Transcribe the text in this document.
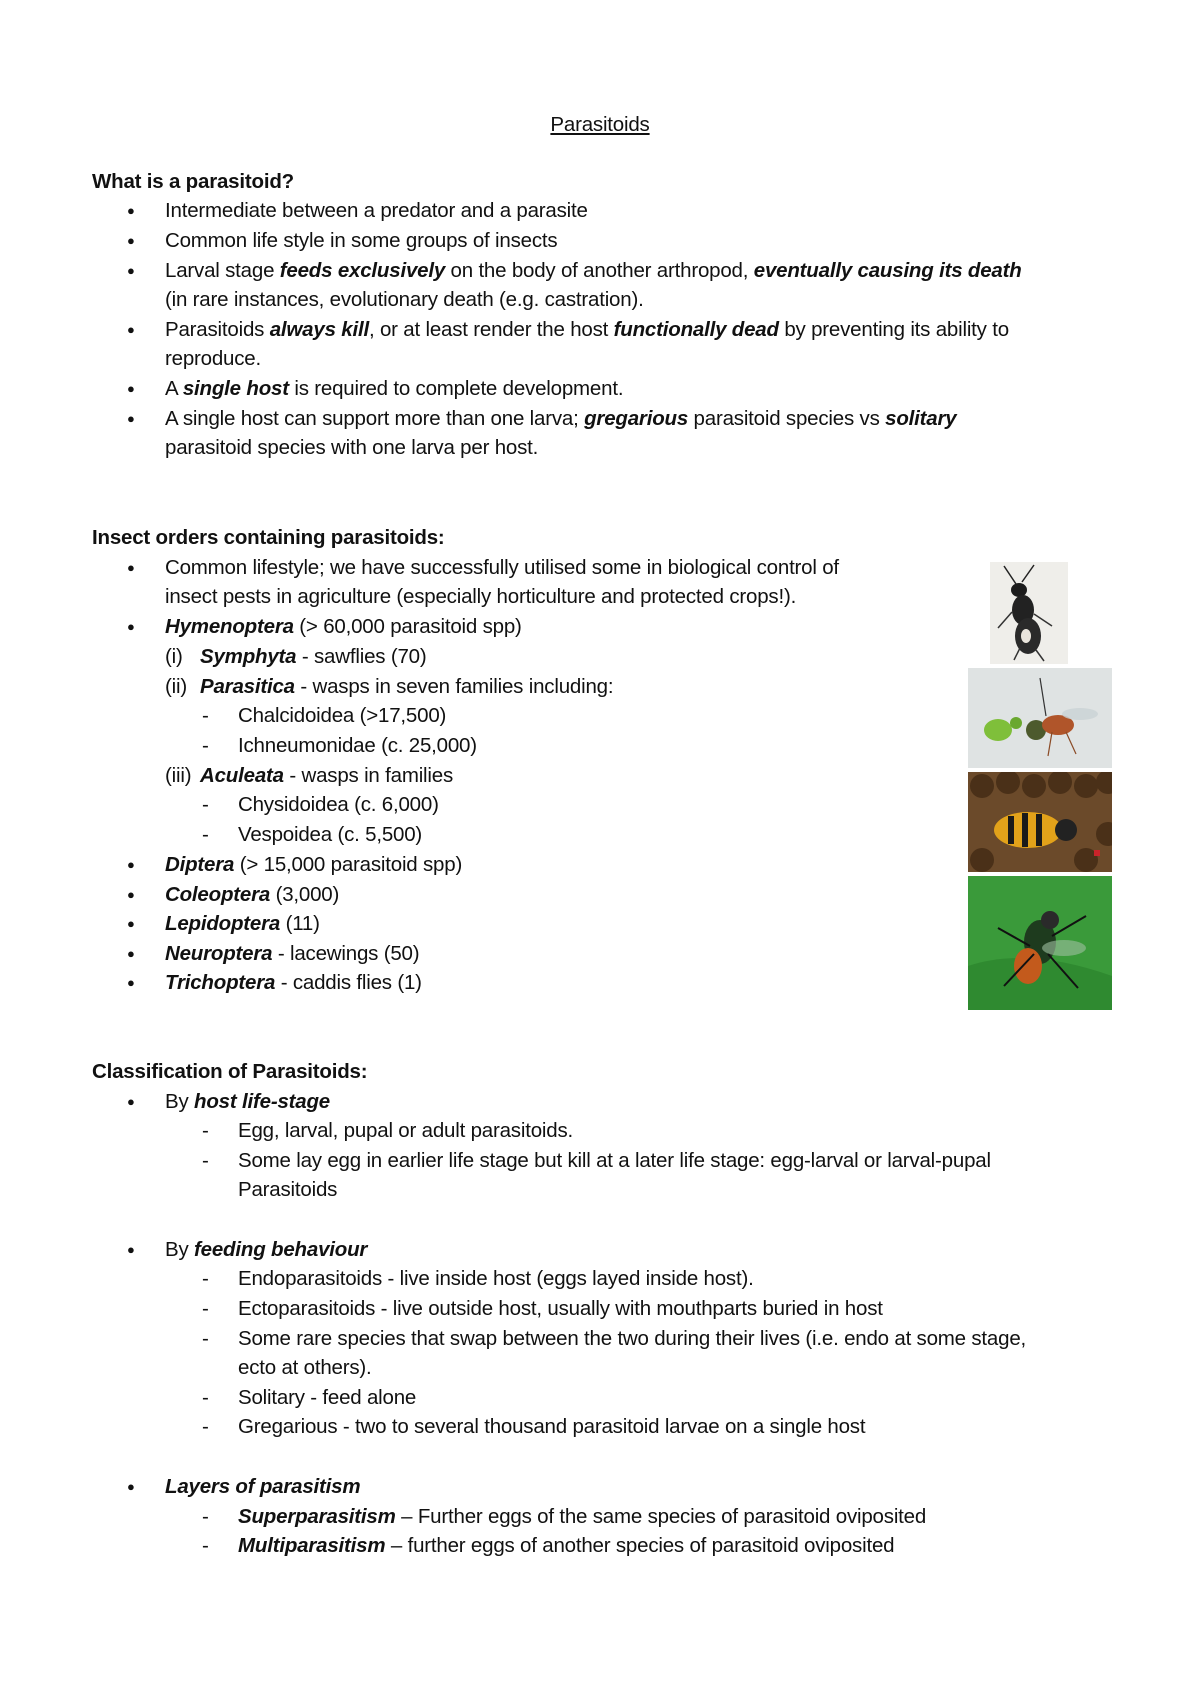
Parasitoids
What is a parasitoid?
● Intermediate between a predator and a parasite
● Common life style in some groups of insects
● Larval stage feeds exclusively on the body of another arthropod, eventually causing its death
(in rare instances, evolutionary death (e.g. castration).
● Parasitoids always kill, or at least render the host functionally dead by preventing its ability to
reproduce.
● A single host is required to complete development.
● A single host can support more than one larva; gregarious parasitoid species vs solitary
parasitoid species with one larva per host.
Insect orders containing parasitoids:
● Common lifestyle; we have successfully utilised some in biological control of
insect pests in agriculture (especially horticulture and protected crops!).
● Hymenoptera (> 60,000 parasitoid spp)
(i) Symphyta - sawflies (70)
(ii) Parasitica - wasps in seven families including:
- Chalcidoidea (>17,500)
- Ichneumonidae (c. 25,000)
(iii) Aculeata - wasps in families
- Chysidoidea (c. 6,000)
- Vespoidea (c. 5,500)
● Diptera (> 15,000 parasitoid spp)
● Coleoptera (3,000)
● Lepidoptera (11)
● Neuroptera - lacewings (50)
● Trichoptera - caddis flies (1)
Classification of Parasitoids:
● By host life-stage
- Egg, larval, pupal or adult parasitoids.
- Some lay egg in earlier life stage but kill at a later life stage: egg-larval or larval-pupal
Parasitoids
● By feeding behaviour
- Endoparasitoids - live inside host (eggs layed inside host).
- Ectoparasitoids - live outside host, usually with mouthparts buried in host
- Some rare species that swap between the two during their lives (i.e. endo at some stage,
ecto at others).
- Solitary - feed alone
- Gregarious - two to several thousand parasitoid larvae on a single host
● Layers of parasitism
- Superparasitism – Further eggs of the same species of parasitoid oviposited
- Multiparasitism – further eggs of another species of parasitoid oviposited
